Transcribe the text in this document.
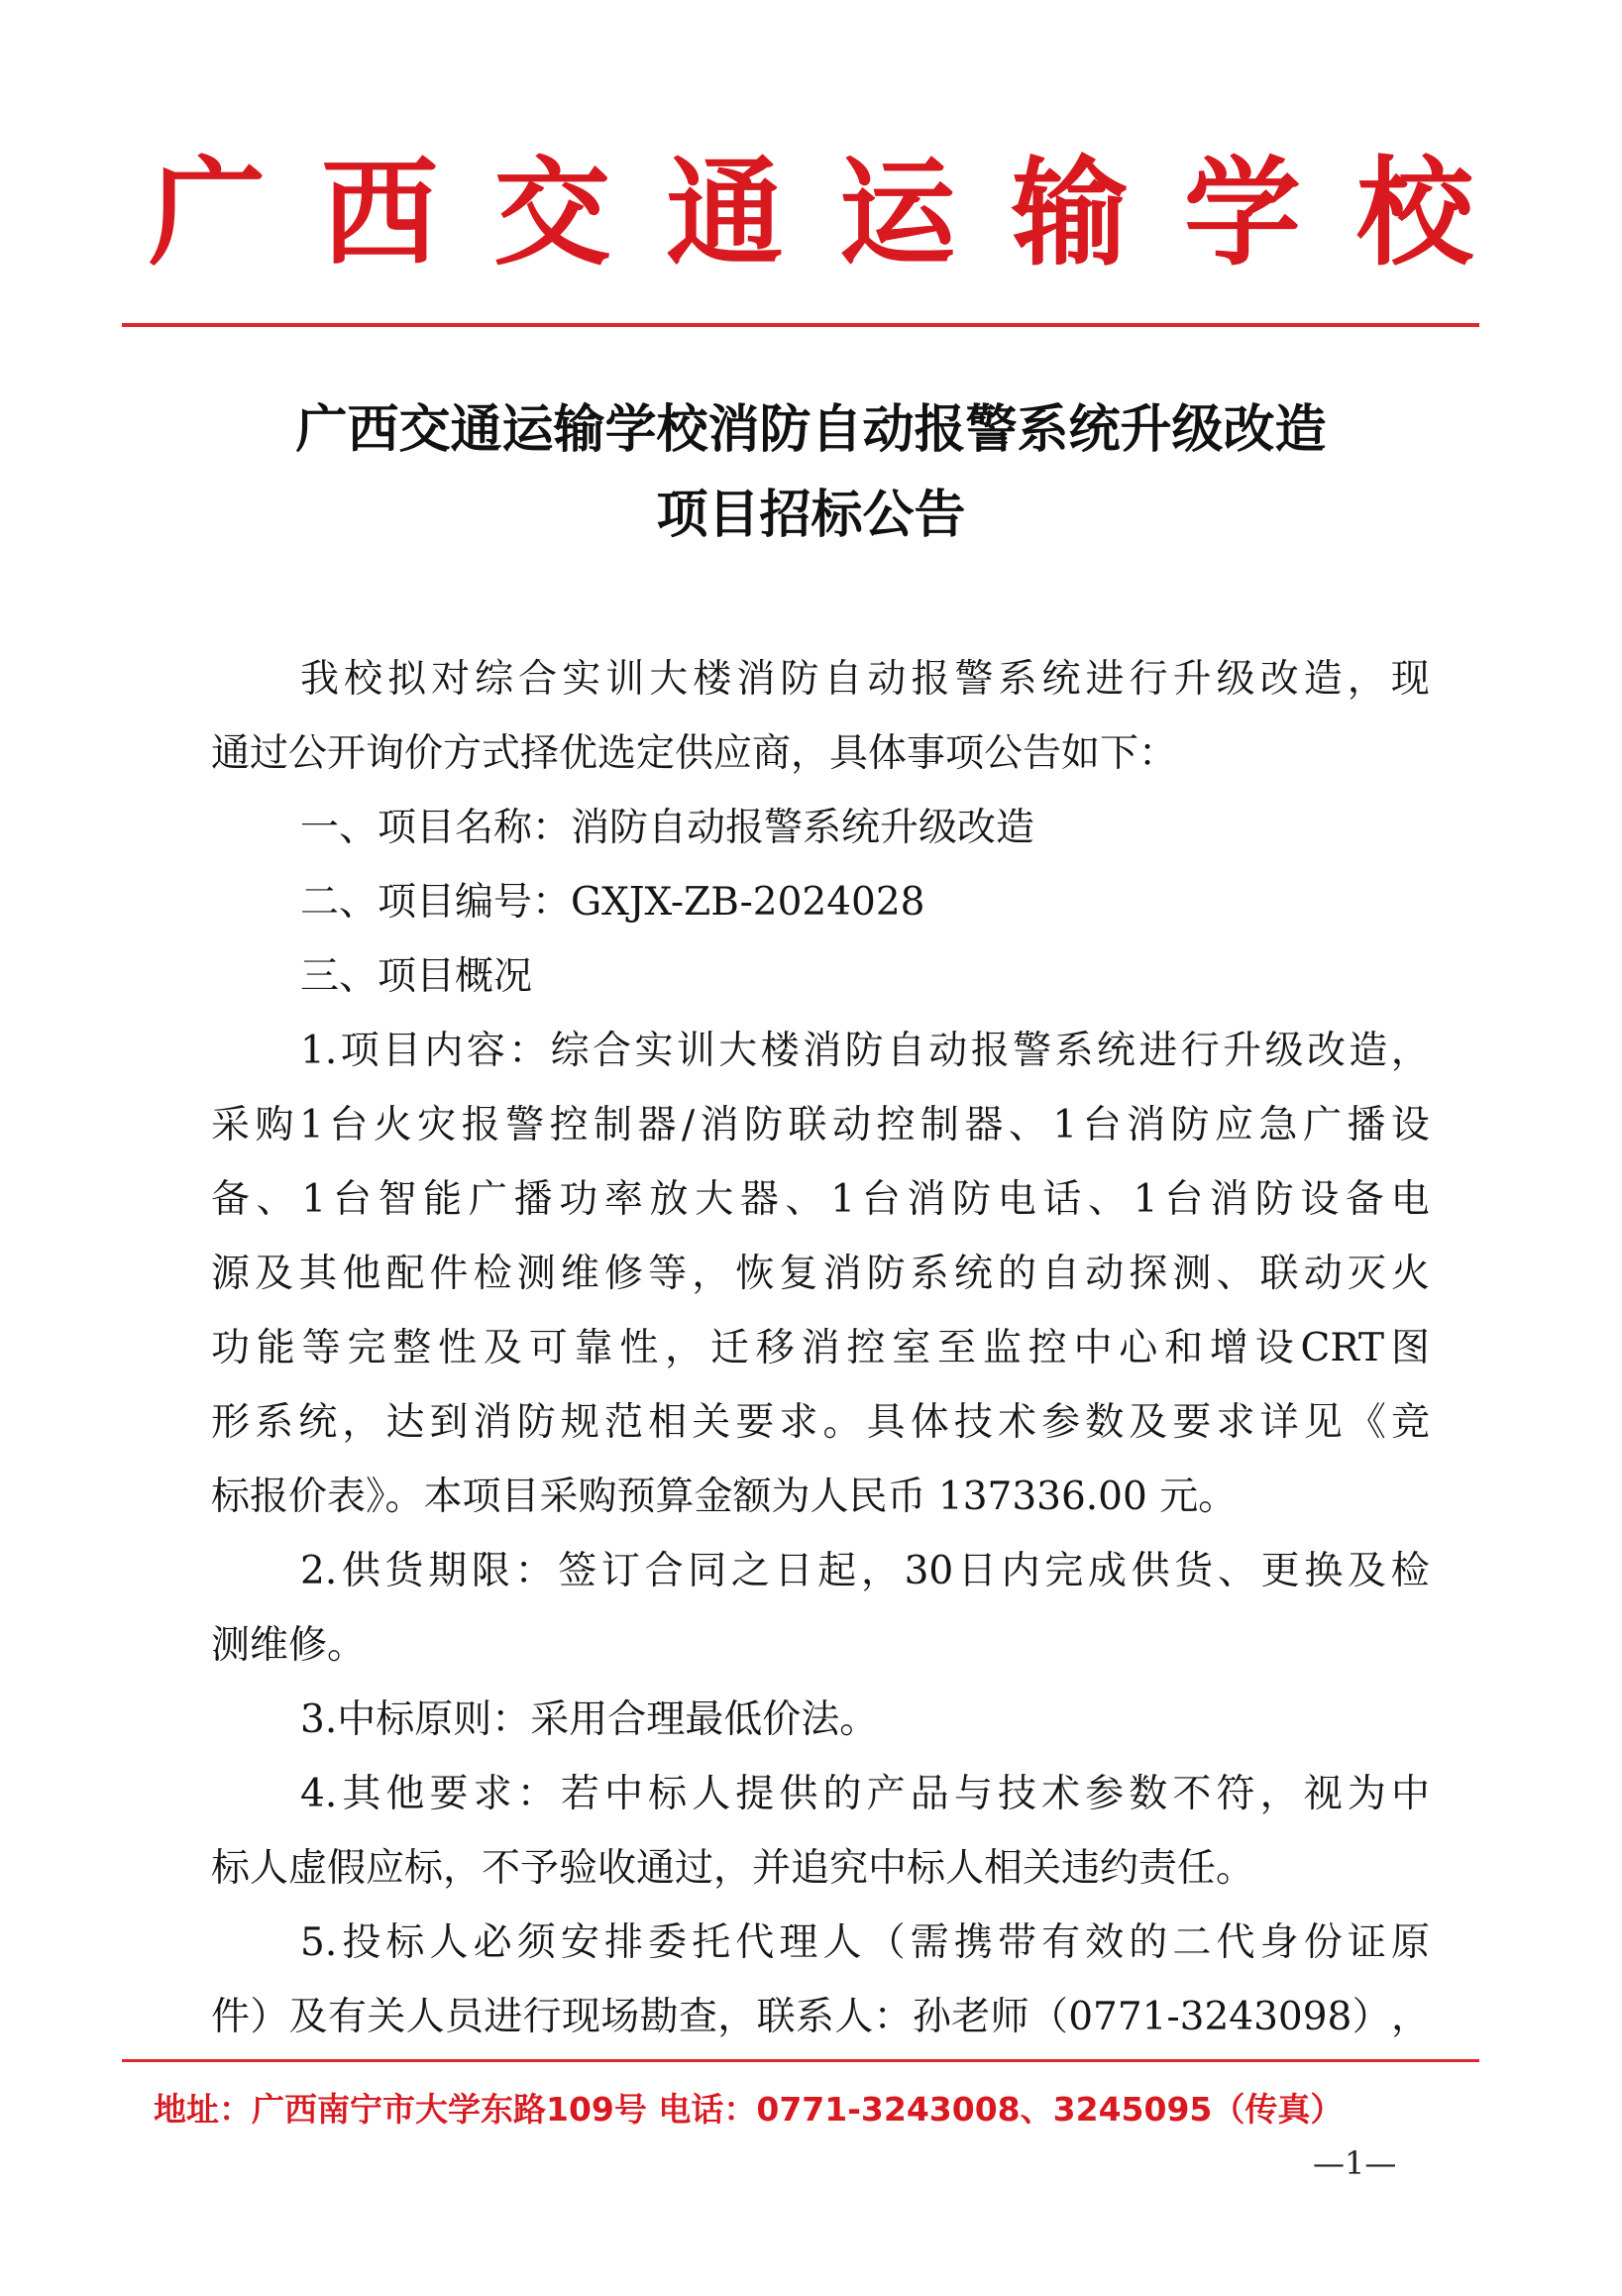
广 西 交 通 运 输 学 校
广西交通运输学校消防自动报警系统升级改造
项目招标公告
我 校 拟 对 综 合 实 训 大 楼 消 防 自 动 报 警 系 统 进 行 升 级 改 造 ， 现
通过公开询价方式择优选定供应商，具体事项公告如下：
一、项目名称：消防自动报警系统升级改造
二、项目编号：GXJX-ZB-2024028
三、项目概况
1. 项 目 内 容 ： 综 合 实 训 大 楼 消 防 自 动 报 警 系 统 进 行 升 级 改 造 ，
采 购 1 台 火 灾 报 警 控 制 器 / 消 防 联 动 控 制 器 、 1 台 消 防 应 急 广 播 设
备 、 1 台 智 能 广 播 功 率 放 大 器 、 1 台 消 防 电 话 、 1 台 消 防 设 备 电
源 及 其 他 配 件 检 测 维 修 等 ， 恢 复 消 防 系 统 的 自 动 探 测 、 联 动 灭 火
功 能 等 完 整 性 及 可 靠 性 ， 迁 移 消 控 室 至 监 控 中 心 和 增 设 CRT 图
形 系 统 ， 达 到 消 防 规 范 相 关 要 求 。 具 体 技 术 参 数 及 要 求 详 见 《 竞
标报价表》。本项目采购预算金额为人民币 137336.00 元。
2. 供 货 期 限 ： 签 订 合 同 之 日 起 ， 30 日 内 完 成 供 货 、 更 换 及 检
测维修。
3.中标原则：采用合理最低价法。
4. 其 他 要 求 ： 若 中 标 人 提 供 的 产 品 与 技 术 参 数 不 符 ， 视 为 中
标人虚假应标，不予验收通过，并追究中标人相关违约责任。
5. 投 标 人 必 须 安 排 委 托 代 理 人 （ 需 携 带 有 效 的 二 代 身 份 证 原
件 ） 及 有 关 人 员 进 行 现 场 勘 查 ， 联 系 人 ： 孙 老 师 （ 0771-3243098 ） ，
地址：广西南宁市大学东路109号 电话：0771-3243008、3245095（传真）
—1—
